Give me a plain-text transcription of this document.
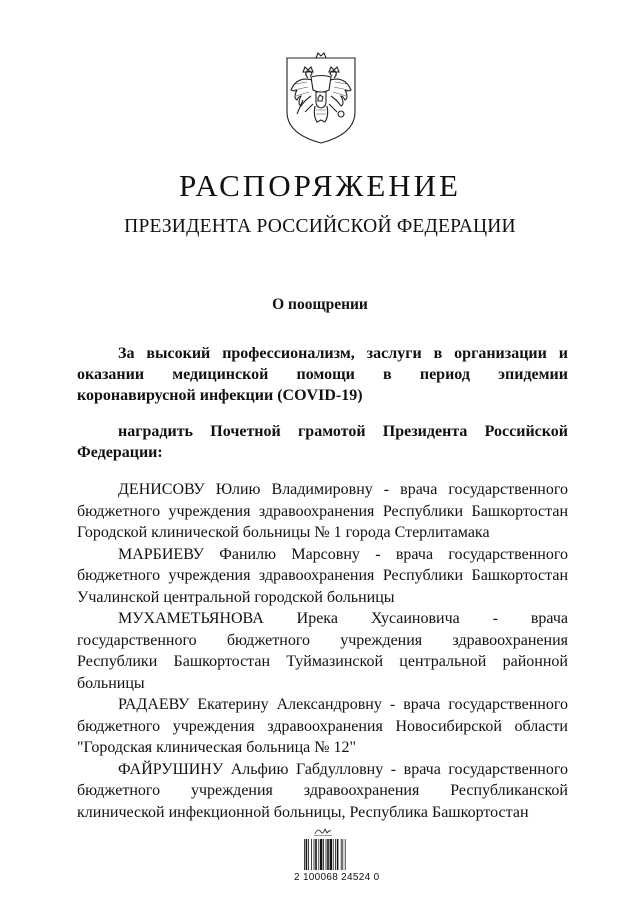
РАСПОРЯЖЕНИЕ
ПРЕЗИДЕНТА РОССИЙСКОЙ ФЕДЕРАЦИИ

О поощрении

За высокий профессионализм, заслуги в организации и оказании медицинской помощи в период эпидемии коронавирусной инфекции (COVID-19)

наградить Почетной грамотой Президента Российской Федерации:

ДЕНИСОВУ Юлию Владимировну - врача государственного бюджетного учреждения здравоохранения Республики Башкортостан Городской клинической больницы № 1 города Стерлитамака
МАРБИЕВУ Фанилю Марсовну - врача государственного бюджетного учреждения здравоохранения Республики Башкортостан Учалинской центральной городской больницы
МУХАМЕТЬЯНОВА Ирека Хусаиновича - врача государственного бюджетного учреждения здравоохранения Республики Башкортостан Туймазинской центральной районной больницы
РАДАЕВУ Екатерину Александровну - врача государственного бюджетного учреждения здравоохранения Новосибирской области "Городская клиническая больница № 12"
ФАЙРУШИНУ Альфию Габдулловну - врача государственного бюджетного учреждения здравоохранения Республиканской клинической инфекционной больницы, Республика Башкортостан
2 100068 24524 0
